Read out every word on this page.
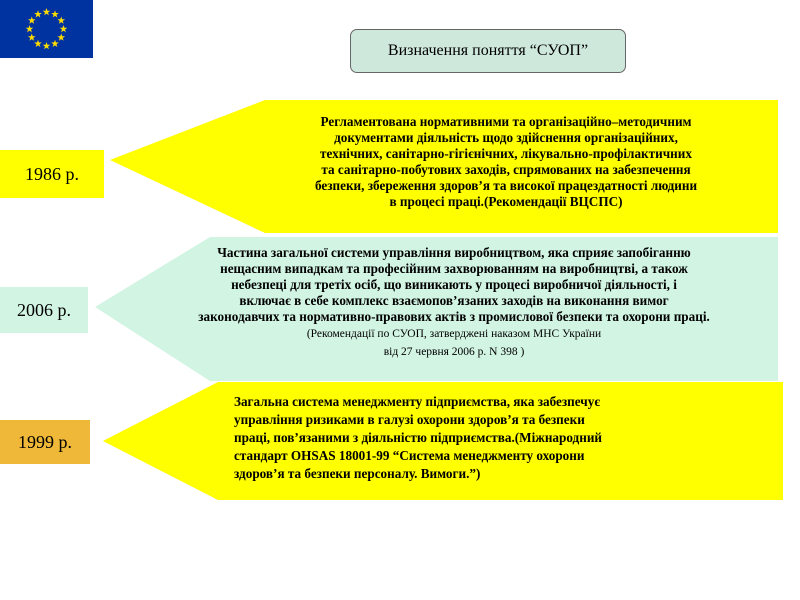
Визначення поняття “СУОП”
1986 р.
2006 р.
1999 р.
Регламентована нормативними та організаційно–методичним
документами діяльність щодо здійснення організаційних,
технічних, санітарно-гігієнічних, лікувально-профілактичних
та санітарно-побутових заходів, спрямованих на забезпечення
безпеки, збереження здоров’я та високої працездатності людини
в процесі праці.(Рекомендації ВЦСПС)
Частина загальної системи управління виробництвом, яка сприяє запобіганню
нещасним випадкам та професійним захворюванням на виробництві, а також
небезпеці для третіх осіб, що виникають у процесі виробничої діяльності, і
включає в себе комплекс взаємопов’язаних заходів на виконання вимог
законодавчих та нормативно-правових актів з промислової безпеки та охорони праці.
(Рекомендації по СУОП, затверджені наказом МНС України
від 27 червня 2006 р. N 398 )
Загальна система менеджменту підприємства, яка забезпечує
управління ризиками в галузі охорони здоров’я та безпеки
праці, пов’язаними з діяльністю підприємства.(Міжнародний
стандарт OHSAS 18001-99 “Система менеджменту охорони
здоров’я та безпеки персоналу. Вимоги.”)
